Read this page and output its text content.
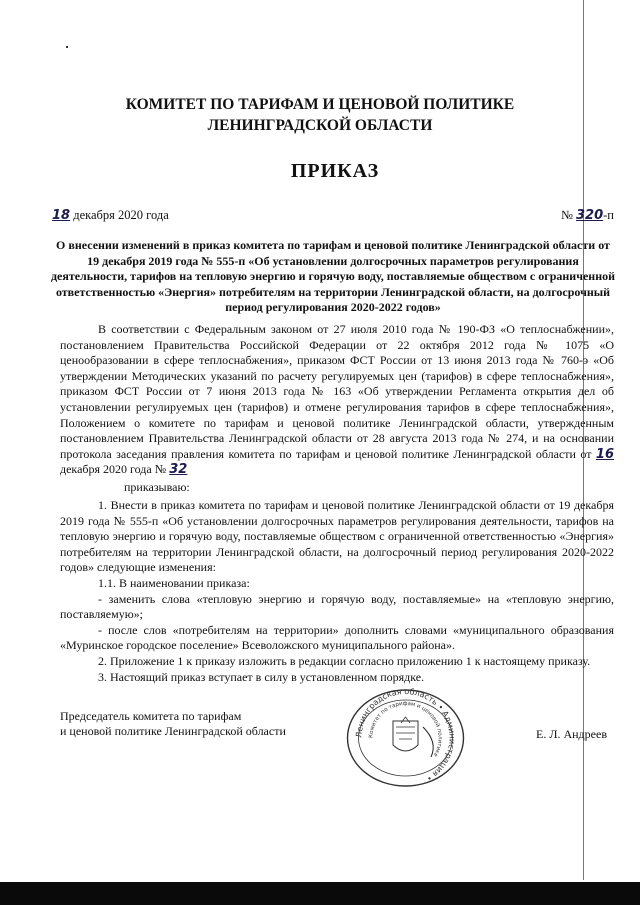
КОМИТЕТ ПО ТАРИФАМ И ЦЕНОВОЙ ПОЛИТИКЕ
ЛЕНИНГРАДСКОЙ ОБЛАСТИ
ПРИКАЗ
18 декабря 2020 года	№ 320-п
О внесении изменений в приказ комитета по тарифам и ценовой политике Ленинградской области от 19 декабря 2019 года № 555-п «Об установлении долгосрочных параметров регулирования деятельности, тарифов на тепловую энергию и горячую воду, поставляемые обществом с ограниченной ответственностью «Энергия» потребителям на территории Ленинградской области, на долгосрочный период регулирования 2020-2022 годов»

В соответствии с Федеральным законом от 27 июля 2010 года № 190-ФЗ «О теплоснабжении», постановлением Правительства Российской Федерации от 22 октября 2012 года № 1075 «О ценообразовании в сфере теплоснабжения», приказом ФСТ России от 13 июня 2013 года № 760-э «Об утверждении Методических указаний по расчету регулируемых цен (тарифов) в сфере теплоснабжения», приказом ФСТ России от 7 июня 2013 года № 163 «Об утверждении Регламента открытия дел об установлении регулируемых цен (тарифов) и отмене регулирования тарифов в сфере теплоснабжения», Положением о комитете по тарифам и ценовой политике Ленинградской области, утвержденным постановлением Правительства Ленинградской области от 28 августа 2013 года № 274, и на основании протокола заседания правления комитета по тарифам и ценовой политике Ленинградской области от 16 декабря 2020 года № 32

приказываю:

1. Внести в приказ комитета по тарифам и ценовой политике Ленинградской области от 19 декабря 2019 года № 555-п «Об установлении долгосрочных параметров регулирования деятельности, тарифов на тепловую энергию и горячую воду, поставляемые обществом с ограниченной ответственностью «Энергия» потребителям на территории Ленинградской области, на долгосрочный период регулирования 2020-2022 годов» следующие изменения:

1.1. В наименовании приказа:

- заменить слова «тепловую энергию и горячую воду, поставляемые» на «тепловую энергию, поставляемую»;

- после слов «потребителям на территории» дополнить словами «муниципального образования «Муринское городское поселение» Всеволожского муниципального района».

2. Приложение 1 к приказу изложить в редакции согласно приложению 1 к настоящему приказу.

3. Настоящий приказ вступает в силу в установленном порядке.

Председатель комитета по тарифам
и ценовой политике Ленинградской области	Е. Л. Андреев
Ленинградская область • Администрация •
Комитет по тарифам и ценовой политике
